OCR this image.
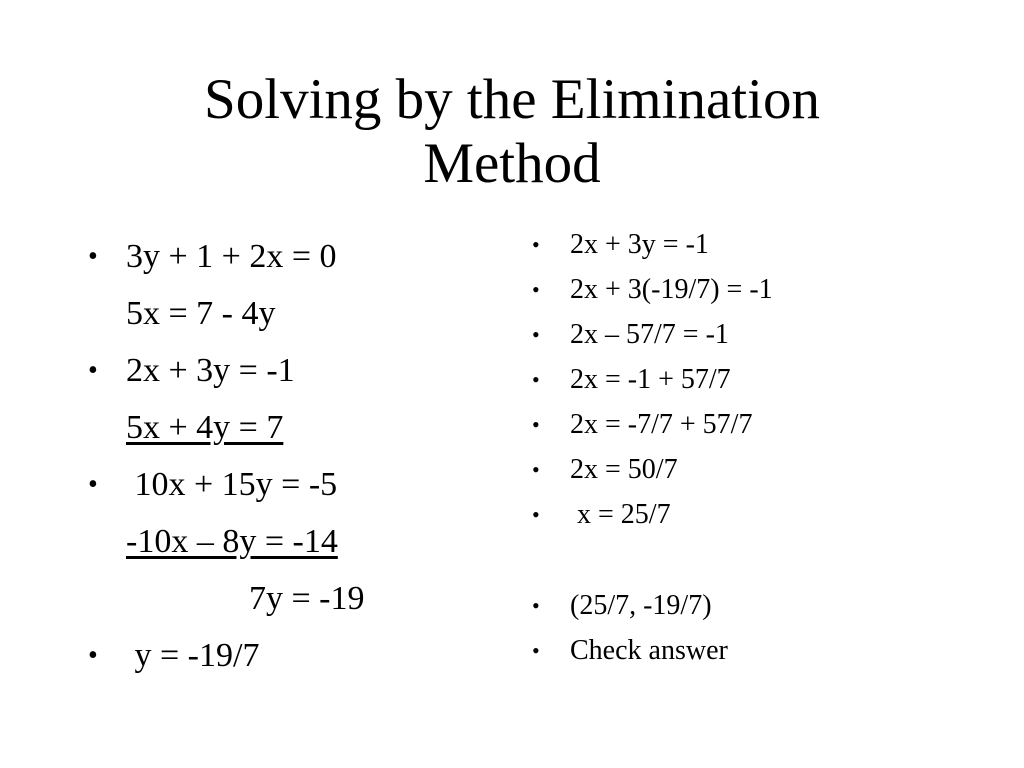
Solving by the Elimination
Method

•

3y + 1 + 2x = 0

5x = 7 - 4y

•

2x + 3y = -1

5x + 4y = 7

•

10x + 15y = -5

-10x – 8y = -14

7y = -19

•

y = -19/7

•

2x + 3y = -1

•

2x + 3(-19/7) = -1

•

2x – 57/7 = -1

•

2x = -1 + 57/7

•

2x = -7/7 + 57/7

•

2x = 50/7

•

x = 25/7

•

(25/7, -19/7)

•

Check answer
